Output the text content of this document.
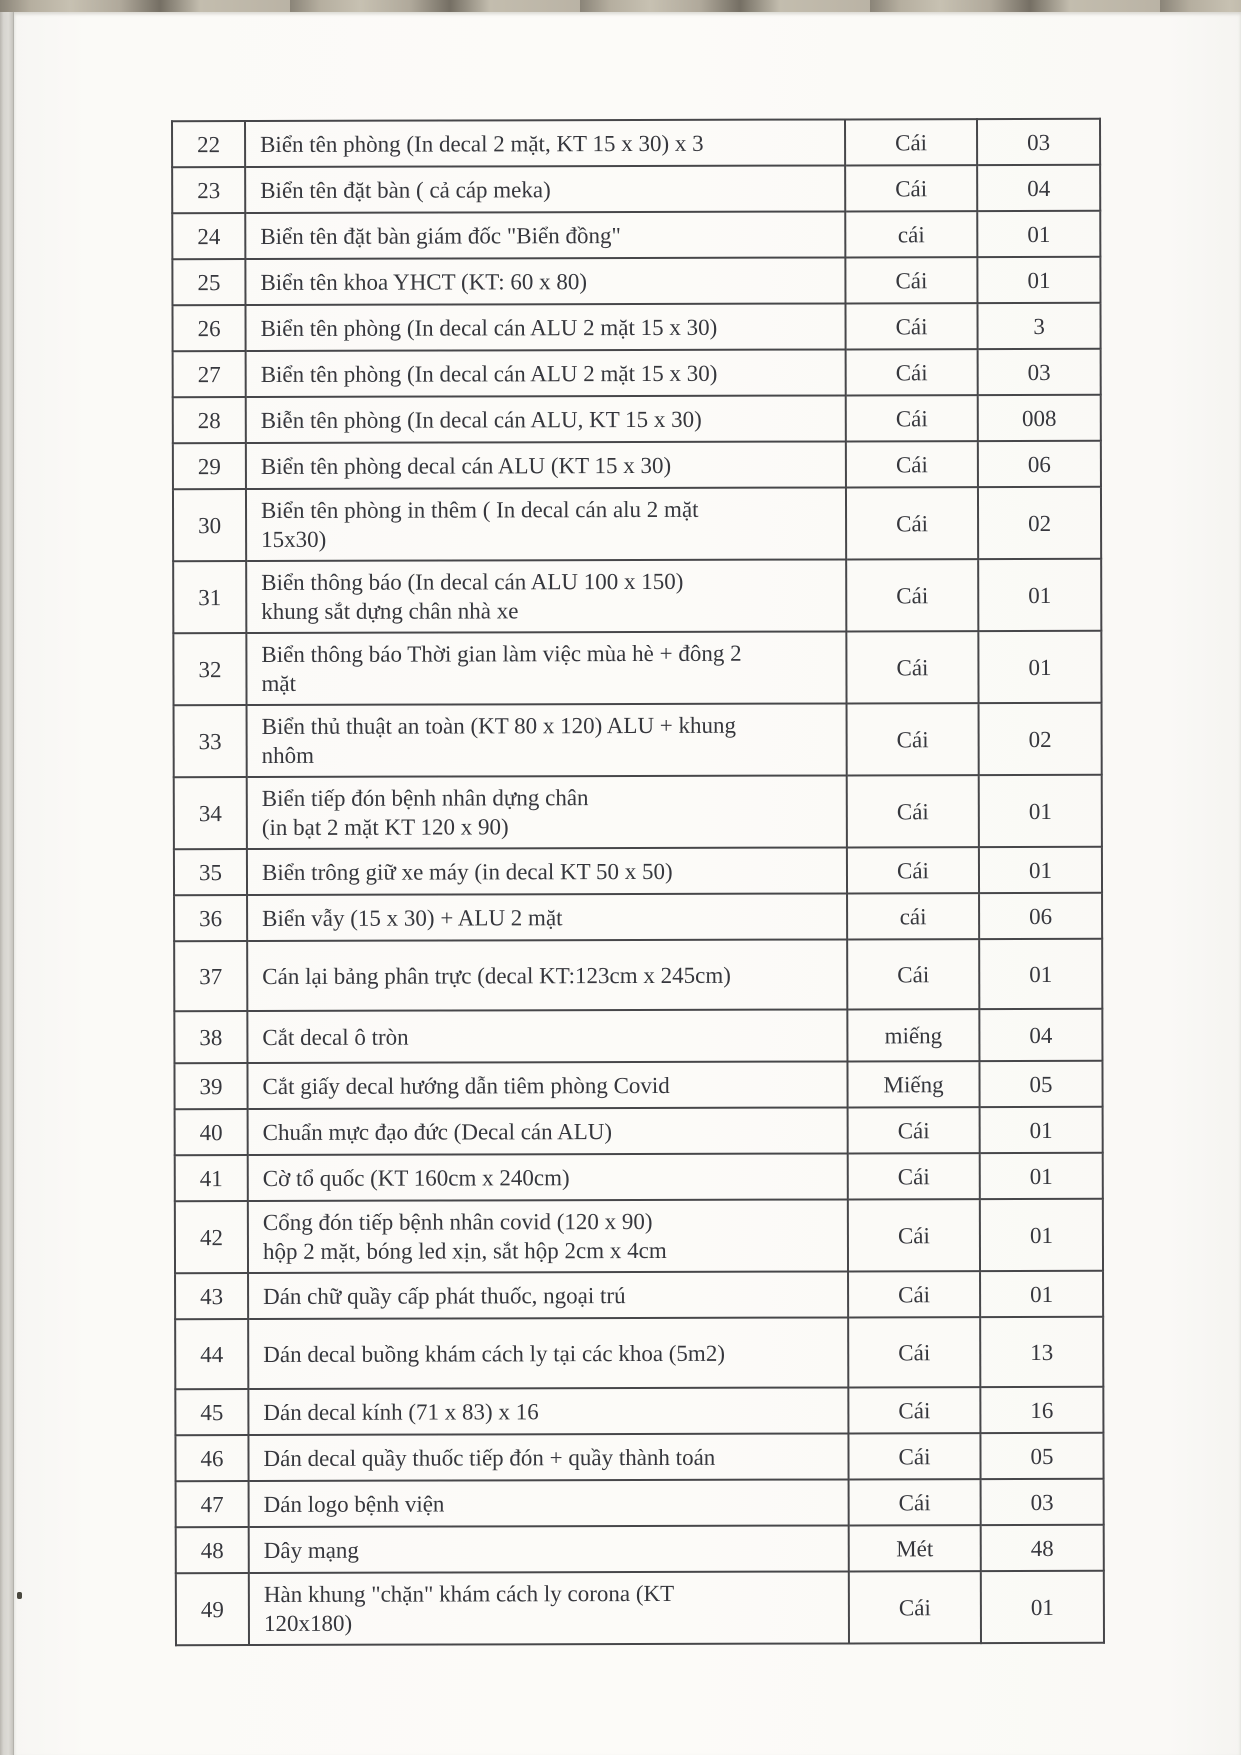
22	Biển tên phòng (In decal 2 mặt, KT 15 x 30) x 3	Cái	03
23	Biển tên đặt bàn ( cả cáp meka)	Cái	04
24	Biển tên đặt bàn giám đốc "Biển đồng"	cái	01
25	Biển tên khoa YHCT (KT: 60 x 80)	Cái	01
26	Biển tên phòng (In decal cán ALU 2 mặt 15 x 30)	Cái	3
27	Biển tên phòng (In decal cán ALU 2 mặt 15 x 30)	Cái	03
28	Biễn tên phòng (In decal cán ALU, KT 15 x 30)	Cái	008
29	Biển tên phòng decal cán ALU (KT 15 x 30)	Cái	06
30	Biển tên phòng in thêm ( In decal cán alu 2 mặt
15x30)	Cái	02
31	Biển thông báo (In decal cán ALU 100 x 150)
khung sắt dựng chân nhà xe	Cái	01
32	Biển thông báo Thời gian làm việc mùa hè + đông 2
mặt	Cái	01
33	Biển thủ thuật an toàn (KT 80 x 120) ALU + khung
nhôm	Cái	02
34	Biển tiếp đón bệnh nhân dựng chân
(in bạt 2 mặt KT 120 x 90)	Cái	01
35	Biển trông giữ xe máy (in decal KT 50 x 50)	Cái	01
36	Biển vẫy (15 x 30) + ALU 2 mặt	cái	06
37	Cán lại bảng phân trực (decal KT:123cm x 245cm)	Cái	01
38	Cắt decal ô tròn	miếng	04
39	Cắt giấy decal hướng dẫn tiêm phòng Covid	Miếng	05
40	Chuẩn mực đạo đức (Decal cán ALU)	Cái	01
41	Cờ tổ quốc (KT 160cm x 240cm)	Cái	01
42	Cổng đón tiếp bệnh nhân covid (120 x 90)
hộp 2 mặt, bóng led xịn, sắt hộp 2cm x 4cm	Cái	01
43	Dán chữ quầy cấp phát thuốc, ngoại trú	Cái	01
44	Dán decal buồng khám cách ly tại các khoa (5m2)	Cái	13
45	Dán decal kính (71 x 83) x 16	Cái	16
46	Dán decal quầy thuốc tiếp đón + quầy thành toán	Cái	05
47	Dán logo bệnh viện	Cái	03
48	Dây mạng	Mét	48
49	Hàn khung "chặn" khám cách ly corona (KT
120x180)	Cái	01
